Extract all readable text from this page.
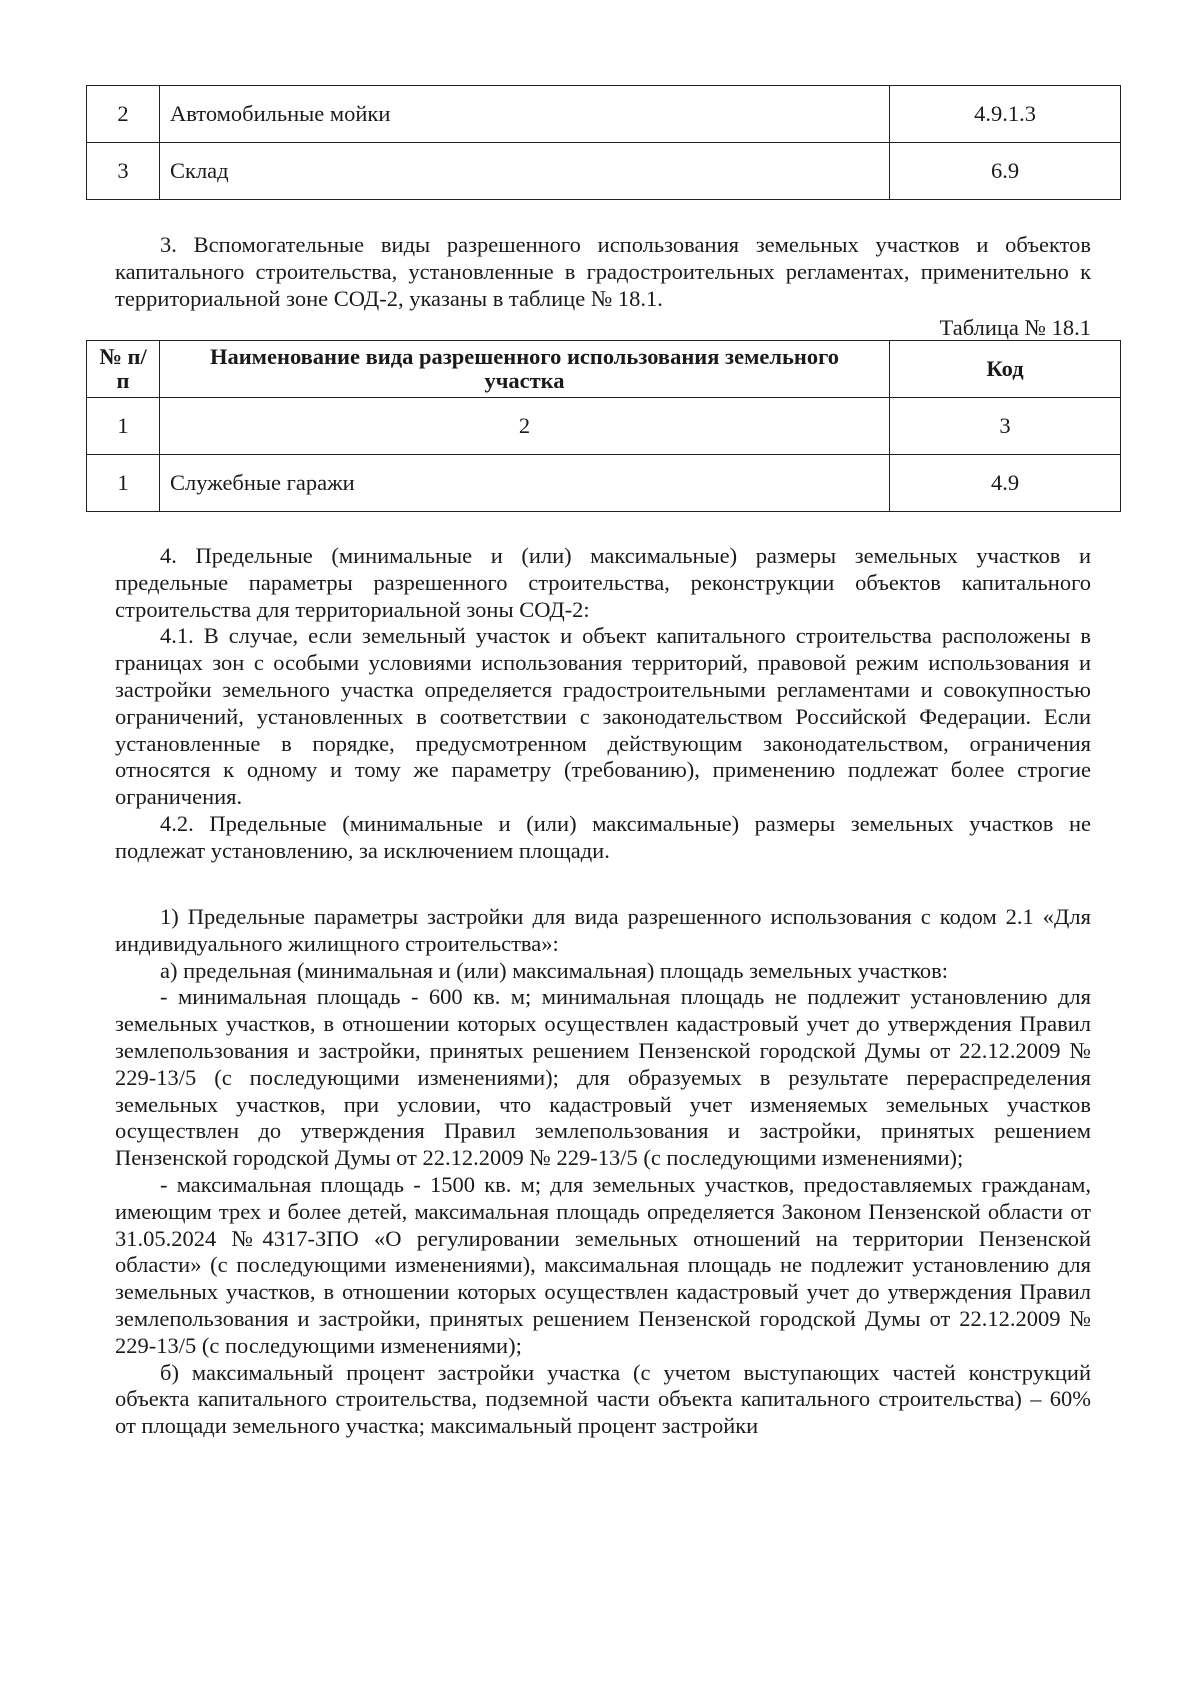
2	Автомобильные мойки	4.9.1.3
3	Склад	6.9

3. Вспомогательные виды разрешенного использования земельных участков и объектов капитального строительства, установленные в градостроительных регламентах, применительно к территориальной зоне СОД-2, указаны в таблице № 18.1.

Таблица № 18.1

№ п/п	Наименование вида разрешенного использования земельного участка	Код
1	2	3
1	Служебные гаражи	4.9

4. Предельные (минимальные и (или) максимальные) размеры земельных участков и предельные параметры разрешенного строительства, реконструкции объектов капитального строительства для территориальной зоны СОД-2:

4.1. В случае, если земельный участок и объект капитального строительства расположены в границах зон с особыми условиями использования территорий, правовой режим использования и застройки земельного участка определяется градостроительными регламентами и совокупностью ограничений, установленных в соответствии с законодательством Российской Федерации. Если установленные в порядке, предусмотренном действующим законодательством, ограничения относятся к одному и тому же параметру (требованию), применению подлежат более строгие ограничения.

4.2. Предельные (минимальные и (или) максимальные) размеры земельных участков не подлежат установлению, за исключением площади.

1) Предельные параметры застройки для вида разрешенного использования с кодом 2.1 «Для индивидуального жилищного строительства»:

а) предельная (минимальная и (или) максимальная) площадь земельных участков:

- минимальная площадь - 600 кв. м; минимальная площадь не подлежит установлению для земельных участков, в отношении которых осуществлен кадастровый учет до утверждения Правил землепользования и застройки, принятых решением Пензенской городской Думы от 22.12.2009 № 229-13/5 (с последующими изменениями); для образуемых в результате перераспределения земельных участков, при условии, что кадастровый учет изменяемых земельных участков осуществлен до утверждения Правил землепользования и застройки, принятых решением Пензенской городской Думы от 22.12.2009 № 229-13/5 (с последующими изменениями);

- максимальная площадь - 1500 кв. м; для земельных участков, предоставляемых гражданам, имеющим трех и более детей, максимальная площадь определяется Законом Пензенской области от 31.05.2024 №4317-ЗПО «О регулировании земельных отношений на территории Пензенской области» (с последующими изменениями), максимальная площадь не подлежит установлению для земельных участков, в отношении которых осуществлен кадастровый учет до утверждения Правил землепользования и застройки, принятых решением Пензенской городской Думы от 22.12.2009 № 229-13/5 (с последующими изменениями);

б) максимальный процент застройки участка (с учетом выступающих частей конструкций объекта капитального строительства, подземной части объекта капитального строительства) – 60% от площади земельного участка; максимальный процент застройки
